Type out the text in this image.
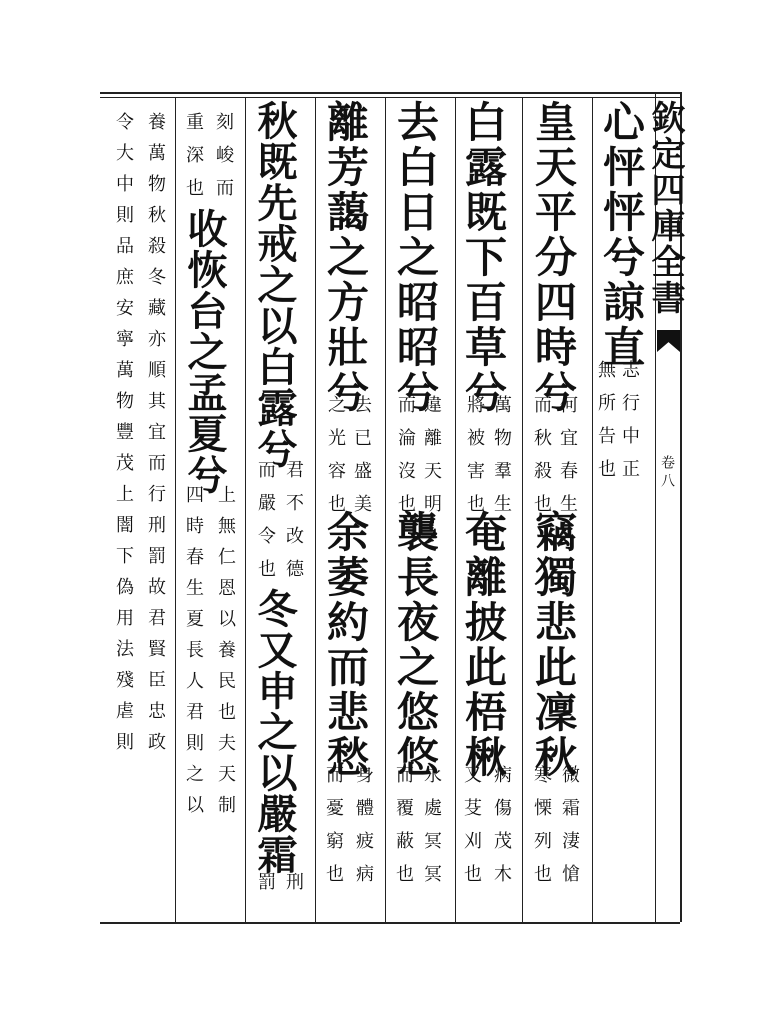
欽定四庫全書
卷八
心怦怦兮諒直
志行中正
無所告也
皇天平分四時兮
何宜春生
而秋殺也
竊獨悲此凜秋
微霜淒愴
寒慄列也
白露既下百草兮
萬物羣生
將被害也
奄離披此梧楸
病傷茂木
又芟刈也
去白日之昭昭兮
違離天明
而淪沒也
襲長夜之悠悠
永處冥冥
而覆蔽也
離芳藹之方壯兮
去已盛美
之光容也
余萎約而悲愁
身體疲病
而憂窮也
秋既先戒之以白露兮
君不改德
而嚴令也
冬又申之以嚴霜
刑
罰
刻峻而
重深也
收恢台之孟夏兮
上無仁恩以養民也夫天制
四時春生夏長人君則之以
養萬物秋殺冬藏亦順其宜而行刑罰故君賢臣忠政
令大中則品庶安寧萬物豐茂上闇下偽用法殘虐則
